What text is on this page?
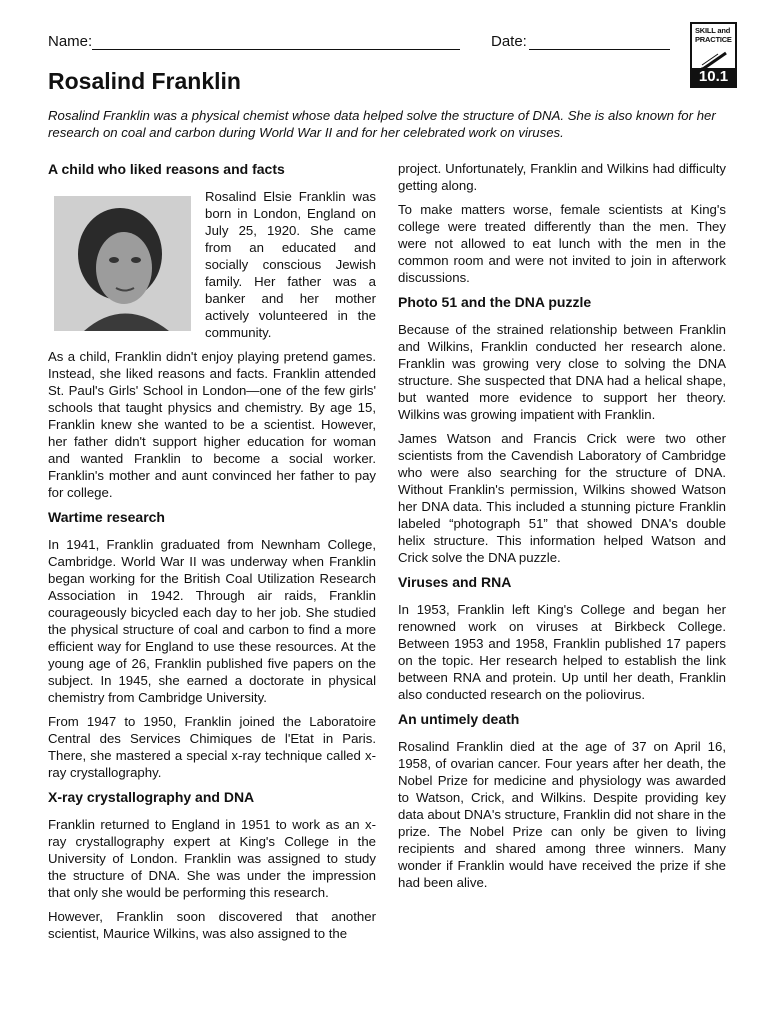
Name:	Date:
SKILL and
PRACTICE
10.1
Rosalind Franklin

Rosalind Franklin was a physical chemist whose data helped solve the structure of DNA. She is also known for her research on coal and carbon during World War II and for her celebrated work on viruses.

A child who liked reasons and facts

Rosalind Elsie Franklin was born in London, England on July 25, 1920. She came from an educated and socially conscious Jewish family. Her father was a banker and her mother actively volunteered in the community.

As a child, Franklin didn't enjoy playing pretend games. Instead, she liked reasons and facts. Franklin attended St. Paul's Girls' School in London—one of the few girls' schools that taught physics and chemistry. By age 15, Franklin knew she wanted to be a scientist. However, her father didn't support higher education for woman and wanted Franklin to become a social worker. Franklin's mother and aunt convinced her father to pay for college.

Wartime research

In 1941, Franklin graduated from Newnham College, Cambridge. World War II was underway when Franklin began working for the British Coal Utilization Research Association in 1942. Through air raids, Franklin courageously bicycled each day to her job. She studied the physical structure of coal and carbon to find a more efficient way for England to use these resources. At the young age of 26, Franklin published five papers on the subject. In 1945, she earned a doctorate in physical chemistry from Cambridge University.

From 1947 to 1950, Franklin joined the Laboratoire Central des Services Chimiques de l'Etat in Paris. There, she mastered a special x-ray technique called x-ray crystallography.

X-ray crystallography and DNA

Franklin returned to England in 1951 to work as an x-ray crystallography expert at King's College in the University of London. Franklin was assigned to study the structure of DNA. She was under the impression that only she would be performing this research.

However, Franklin soon discovered that another scientist, Maurice Wilkins, was also assigned to the

project. Unfortunately, Franklin and Wilkins had difficulty getting along.

To make matters worse, female scientists at King's college were treated differently than the men. They were not allowed to eat lunch with the men in the common room and were not invited to join in afterwork discussions.

Photo 51 and the DNA puzzle

Because of the strained relationship between Franklin and Wilkins, Franklin conducted her research alone. Franklin was growing very close to solving the DNA structure. She suspected that DNA had a helical shape, but wanted more evidence to support her theory. Wilkins was growing impatient with Franklin.

James Watson and Francis Crick were two other scientists from the Cavendish Laboratory of Cambridge who were also searching for the structure of DNA. Without Franklin's permission, Wilkins showed Watson her DNA data. This included a stunning picture Franklin labeled “photograph 51” that showed DNA's double helix structure. This information helped Watson and Crick solve the DNA puzzle.

Viruses and RNA

In 1953, Franklin left King's College and began her renowned work on viruses at Birkbeck College. Between 1953 and 1958, Franklin published 17 papers on the topic. Her research helped to establish the link between RNA and protein. Up until her death, Franklin also conducted research on the poliovirus.

An untimely death

Rosalind Franklin died at the age of 37 on April 16, 1958, of ovarian cancer. Four years after her death, the Nobel Prize for medicine and physiology was awarded to Watson, Crick, and Wilkins. Despite providing key data about DNA's structure, Franklin did not share in the prize. The Nobel Prize can only be given to living recipients and shared among three winners. Many wonder if Franklin would have received the prize if she had been alive.
